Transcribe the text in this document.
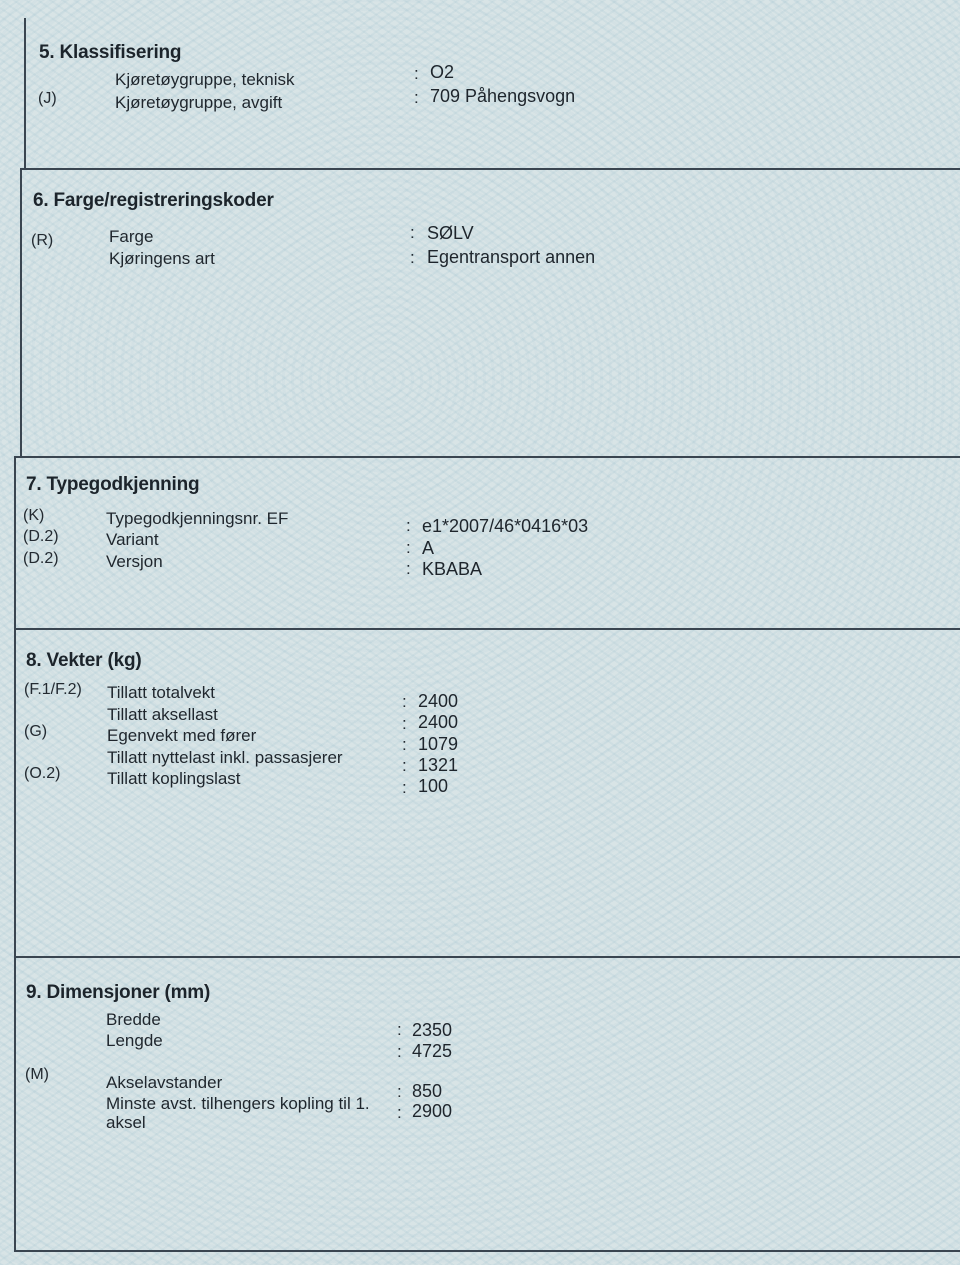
5. Klassifisering
(J)
Kjøretøygruppe, teknisk
Kjøretøygruppe, avgift
:
:
O2
709 Påhengsvogn
6. Farge/registreringskoder
(R)	Farge
Kjøringens art
:
:
SØLV
Egentransport annen
7. Typegodkjenning
(K)
(D.2)
(D.2)
Typegodkjenningsnr. EF
Variant
Versjon
:
:
:
e1*2007/46*0416*03
A
KBABA
8. Vekter (kg)
(F.1/F.2)
(G)
(O.2)
Tillatt totalvekt
Tillatt aksellast
Egenvekt med fører
Tillatt nyttelast inkl. passasjerer
Tillatt koplingslast
:
:
:
:
:
2400
2400
1079
1321
100
9. Dimensjoner (mm)
(M)
Bredde
Lengde
Akselavstander
Minste avst. tilhengers kopling til 1. aksel
:
:
:
:
2350
4725
850
2900
